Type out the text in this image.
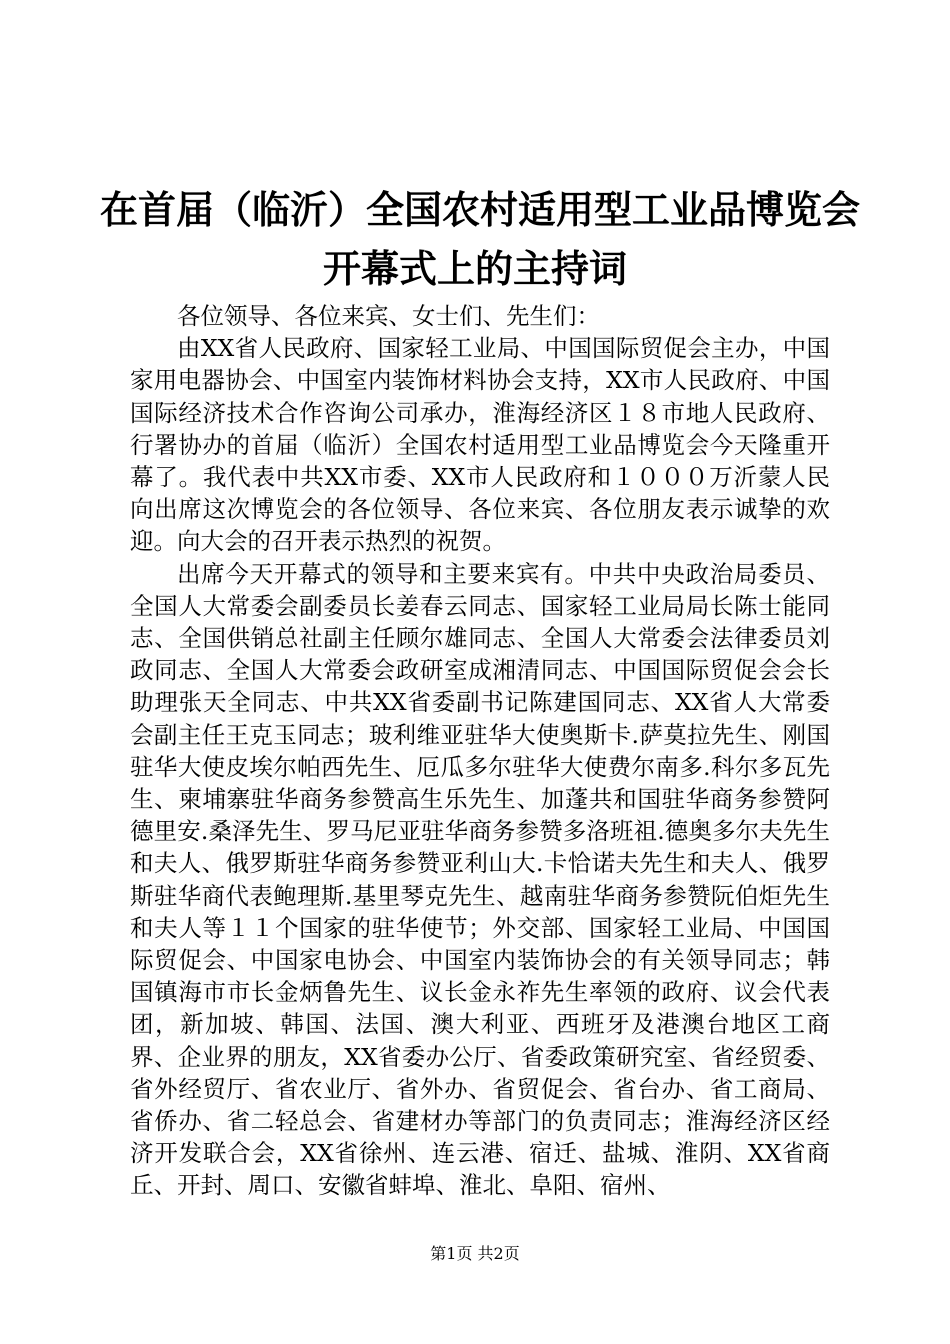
在首届（临沂）全国农村适用型工业品博览会
开幕式上的主持词

各位领导、各位来宾、女士们、先生们：

由XX省人民政府、国家轻工业局、中国国际贸促会主办，中国家用电器协会、中国室内装饰材料协会支持，XX市人民政府、中国国际经济技术合作咨询公司承办，淮海经济区１８市地人民政府、行署协办的首届（临沂）全国农村适用型工业品博览会今天隆重开幕了。我代表中共XX市委、XX市人民政府和１０００万沂蒙人民向出席这次博览会的各位领导、各位来宾、各位朋友表示诚挚的欢迎。向大会的召开表示热烈的祝贺。

出席今天开幕式的领导和主要来宾有。中共中央政治局委员、全国人大常委会副委员长姜春云同志、国家轻工业局局长陈士能同志、全国供销总社副主任顾尔雄同志、全国人大常委会法律委员刘政同志、全国人大常委会政研室成湘清同志、中国国际贸促会会长助理张天全同志、中共XX省委副书记陈建国同志、XX省人大常委会副主任王克玉同志；玻利维亚驻华大使奥斯卡.萨莫拉先生、刚国驻华大使皮埃尔帕西先生、厄瓜多尔驻华大使费尔南多.科尔多瓦先生、柬埔寨驻华商务参赞高生乐先生、加蓬共和国驻华商务参赞阿德里安.桑泽先生、罗马尼亚驻华商务参赞多洛班祖.德奥多尔夫先生和夫人、俄罗斯驻华商务参赞亚利山大.卡恰诺夫先生和夫人、俄罗斯驻华商代表鲍理斯.基里琴克先生、越南驻华商务参赞阮伯炬先生和夫人等１１个国家的驻华使节；外交部、国家轻工业局、中国国际贸促会、中国家电协会、中国室内装饰协会的有关领导同志；韩国镇海市市长金炳鲁先生、议长金永祚先生率领的政府、议会代表团，新加坡、韩国、法国、澳大利亚、西班牙及港澳台地区工商界、企业界的朋友，XX省委办公厅、省委政策研究室、省经贸委、省外经贸厅、省农业厅、省外办、省贸促会、省台办、省工商局、省侨办、省二轻总会、省建材办等部门的负责同志；淮海经济区经济开发联合会，XX省徐州、连云港、宿迁、盐城、淮阴、XX省商丘、开封、周口、安徽省蚌埠、淮北、阜阳、宿州、

第1页 共2页
